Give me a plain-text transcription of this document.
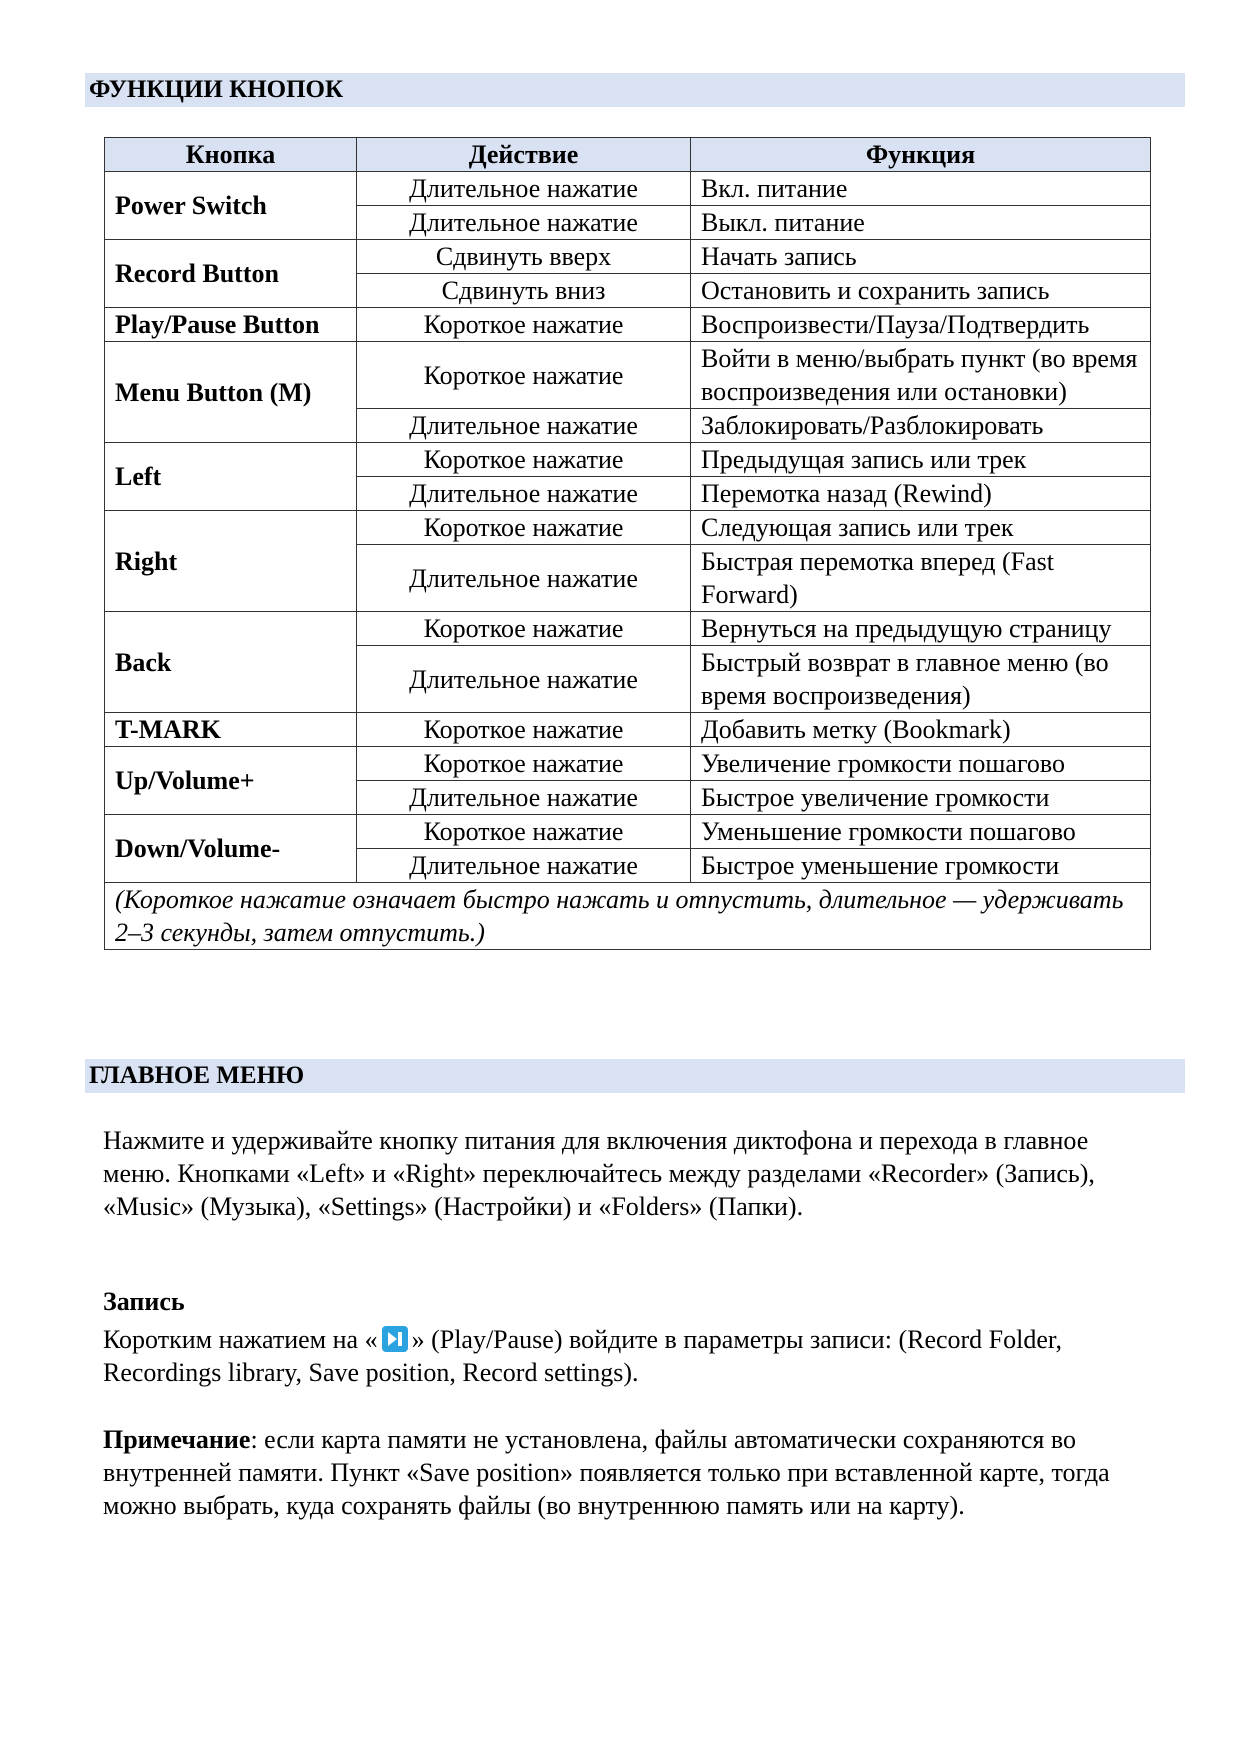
ФУНКЦИИ КНОПОК
Кнопка	Действие	Функция
Power Switch	Длительное нажатие	Вкл. питание
	Длительное нажатие	Выкл. питание
Record Button	Сдвинуть вверх	Начать запись
	Сдвинуть вниз	Остановить и сохранить запись
Play/Pause Button	Короткое нажатие	Воспроизвести/Пауза/Подтвердить
Menu Button (M)	Короткое нажатие	Войти в меню/выбрать пункт (во время воспроизведения или остановки)
	Длительное нажатие	Заблокировать/Разблокировать
Left	Короткое нажатие	Предыдущая запись или трек
	Длительное нажатие	Перемотка назад (Rewind)
Right	Короткое нажатие	Следующая запись или трек
	Длительное нажатие	Быстрая перемотка вперед (Fast Forward)
Back	Короткое нажатие	Вернуться на предыдущую страницу
	Длительное нажатие	Быстрый возврат в главное меню (во время воспроизведения)
T-MARK	Короткое нажатие	Добавить метку (Bookmark)
Up/Volume+	Короткое нажатие	Увеличение громкости пошагово
	Длительное нажатие	Быстрое увеличение громкости
Down/Volume-	Короткое нажатие	Уменьшение громкости пошагово
	Длительное нажатие	Быстрое уменьшение громкости
(Короткое нажатие означает быстро нажать и отпустить, длительное — удерживать 2–3 секунды, затем отпустить.)		
ГЛАВНОЕ МЕНЮ
Нажмите и удерживайте кнопку питания для включения диктофона и перехода в главное меню. Кнопками «Left» и «Right» переключайтесь между разделами «Recorder» (Запись), «Music» (Музыка), «Settings» (Настройки) и «Folders» (Папки).
Запись
Коротким нажатием на « » (Play/Pause) войдите в параметры записи: (Record Folder, Recordings library, Save position, Record settings).
Примечание: если карта памяти не установлена, файлы автоматически сохраняются во внутренней памяти. Пункт «Save position» появляется только при вставленной карте, тогда можно выбрать, куда сохранять файлы (во внутреннюю память или на карту).
